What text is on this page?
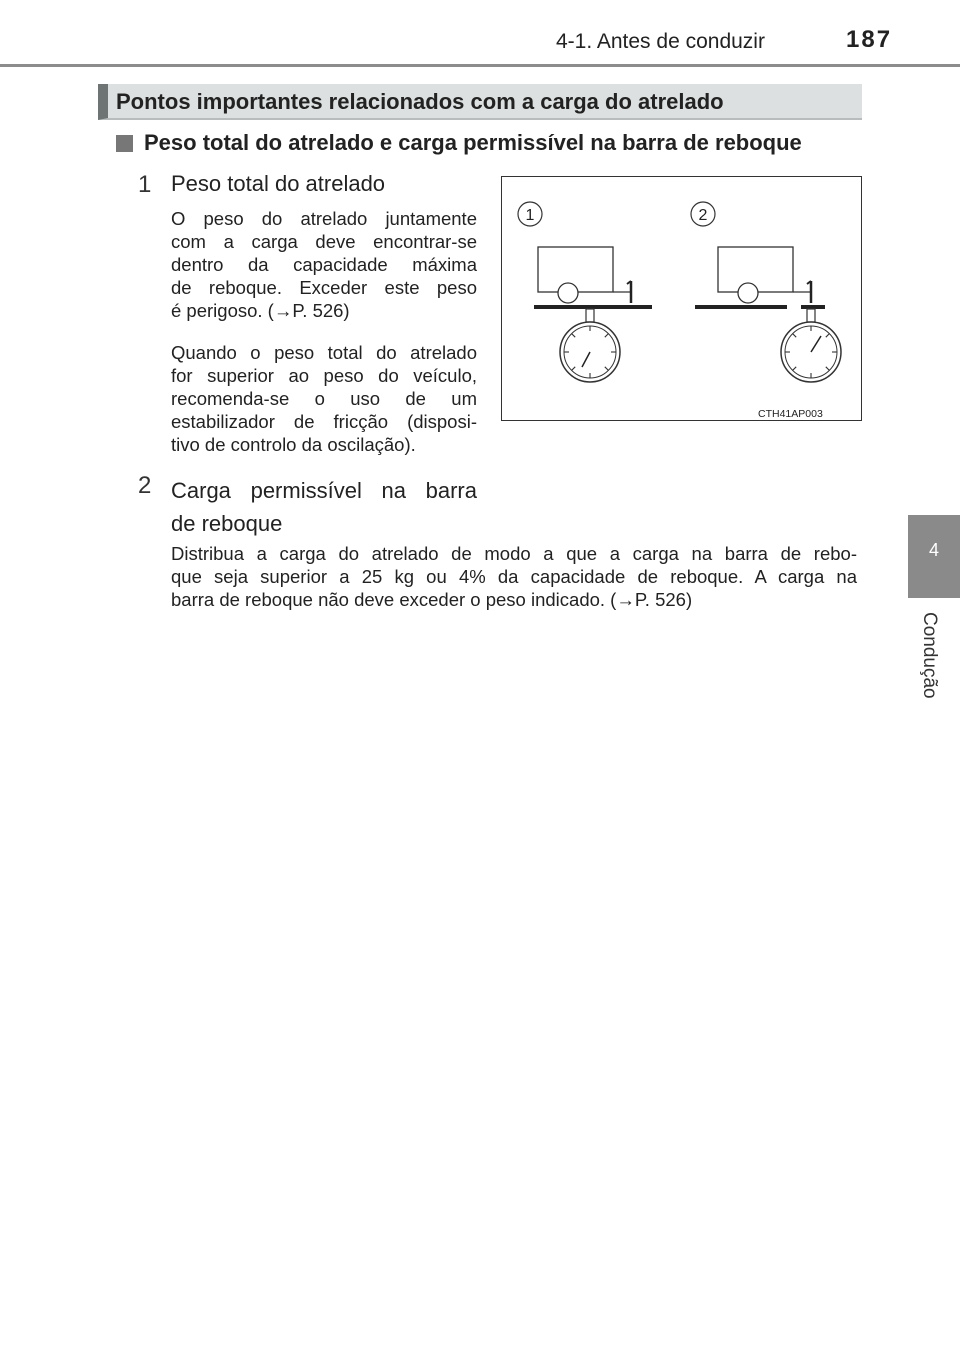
4-1. Antes de conduzir	187
4
Condução
Pontos importantes relacionados com a carga do atrelado
Peso total do atrelado e carga permissível na barra de reboque
1 Peso total do atrelado
O peso do atrelado juntamente
com a carga deve encontrar-se
dentro da capacidade máxima
de reboque. Exceder este peso
é perigoso. (→P. 526)
Quando o peso total do atrelado
for superior ao peso do veículo,
recomenda-se o uso de um
estabilizador de fricção (disposi-
tivo de controlo da oscilação).
2 Carga permissível na barra
de reboque
Distribua a carga do atrelado de modo a que a carga na barra de rebo-
que seja superior a 25 kg ou 4% da capacidade de reboque. A carga na
barra de reboque não deve exceder o peso indicado. (→P. 526)
1	2
CTH41AP003
